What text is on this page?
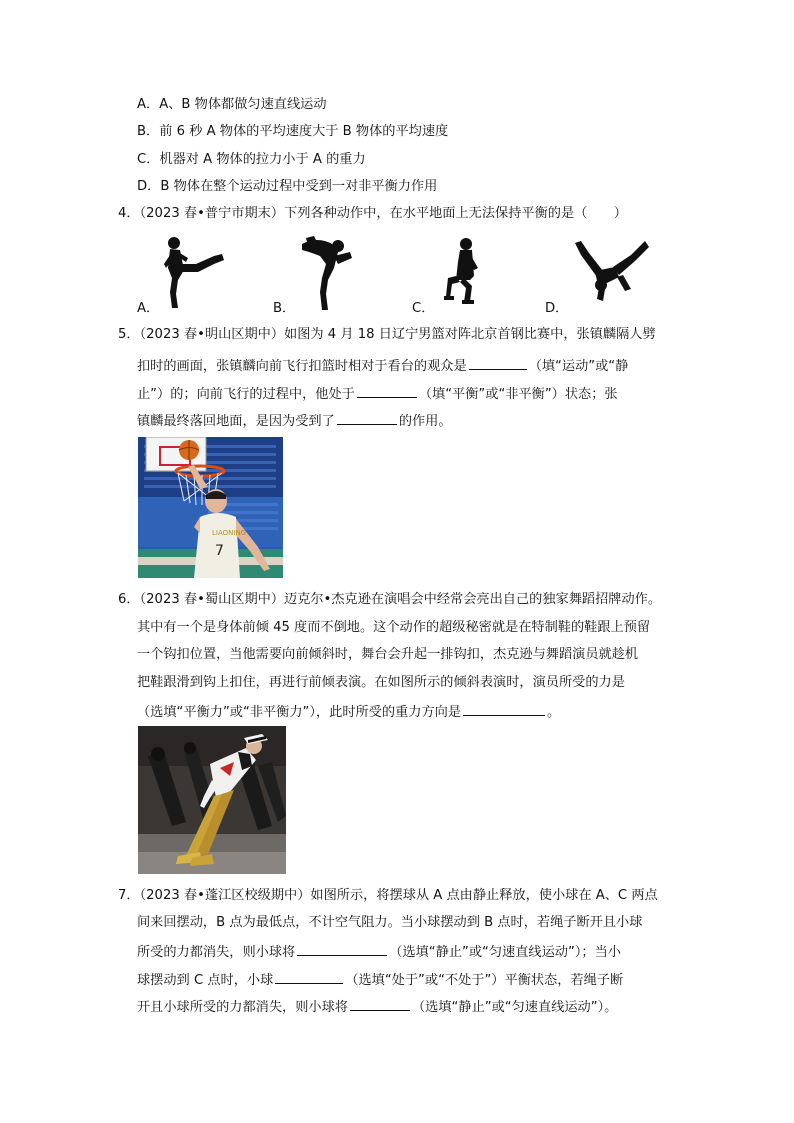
A．A、B 物体都做匀速直线运动
B．前 6 秒 A 物体的平均速度大于 B 物体的平均速度
C．机器对 A 物体的拉力小于 A 的重力
D．B 物体在整个运动过程中受到一对非平衡力作用
4．（2023 春•普宁市期末）下列各种动作中，在水平地面上无法保持平衡的是（　　）
A．	B．	C．	D．
5．（2023 春•明山区期中）如图为 4 月 18 日辽宁男篮对阵北京首钢比赛中，张镇麟隔人劈
扣时的画面，张镇麟向前飞行扣篮时相对于看台的观众是	（填“运动”或“静
止”）的；向前飞行的过程中，他处于	（填“平衡”或“非平衡”）状态；张
镇麟最终落回地面，是因为受到了	的作用。
LIAONING
7
6．（2023 春•蜀山区期中）迈克尔•杰克逊在演唱会中经常会亮出自己的独家舞蹈招牌动作。
其中有一个是身体前倾 45 度而不倒地。这个动作的超级秘密就是在特制鞋的鞋跟上预留
一个钩扣位置，当他需要向前倾斜时，舞台会升起一排钩扣，杰克逊与舞蹈演员就趁机
把鞋跟滑到钩上扣住，再进行前倾表演。在如图所示的倾斜表演时，演员所受的力是
（选填“平衡力”或“非平衡力”），此时所受的重力方向是	。
7．（2023 春•蓬江区校级期中）如图所示，将摆球从 A 点由静止释放，使小球在 A、C 两点
间来回摆动，B 点为最低点，不计空气阻力。当小球摆动到 B 点时，若绳子断开且小球
所受的力都消失，则小球将	（选填“静止”或“匀速直线运动”）；当小
球摆动到 C 点时，小球	（选填“处于”或“不处于”）平衡状态，若绳子断
开且小球所受的力都消失，则小球将	（选填“静止”或“匀速直线运动”）。
